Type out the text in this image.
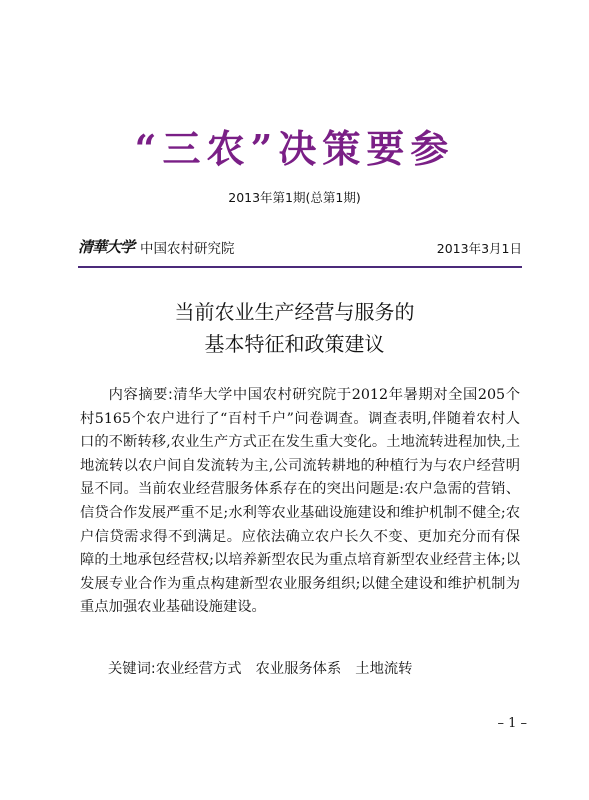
“三农”决策要参
2013年第1期(总第1期)
清華大学 中国农村研究院	2013年3月1日
当前农业生产经营与服务的
基本特征和政策建议

内容摘要:清华大学中国农村研究院于2012年暑期对全国205个村5165个农户进行了“百村千户”问卷调查。调查表明,伴随着农村人口的不断转移,农业生产方式正在发生重大变化。土地流转进程加快,土地流转以农户间自发流转为主,公司流转耕地的种植行为与农户经营明显不同。当前农业经营服务体系存在的突出问题是:农户急需的营销、信贷合作发展严重不足;水利等农业基础设施建设和维护机制不健全;农户信贷需求得不到满足。应依法确立农户长久不变、更加充分而有保障的土地承包经营权;以培养新型农民为重点培育新型农业经营主体;以发展专业合作为重点构建新型农业服务组织;以健全建设和维护机制为重点加强农业基础设施建设。

关键词:农业经营方式 农业服务体系 土地流转
– 1 –
